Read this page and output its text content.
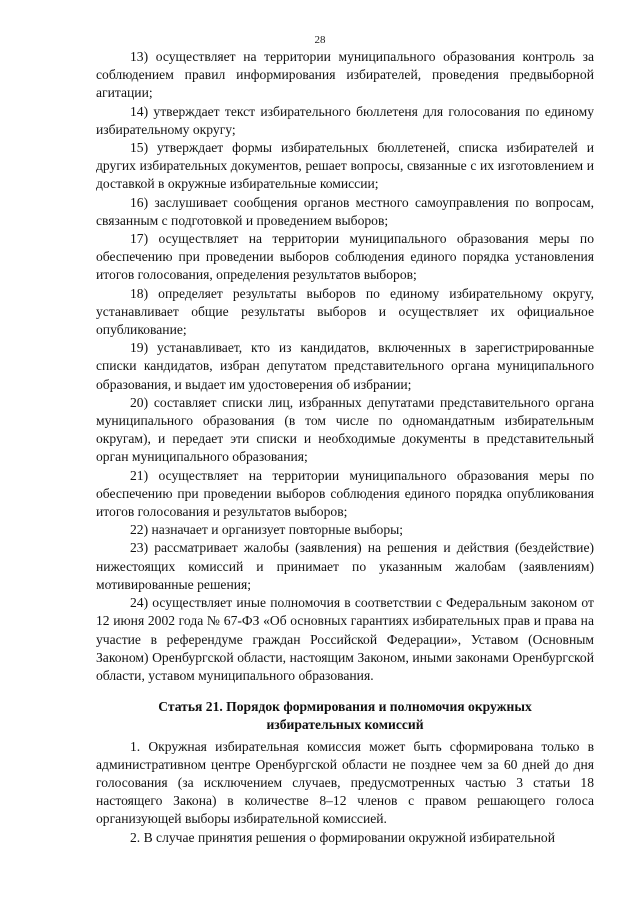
28

13) осуществляет на территории муниципального образования контроль за соблюдением правил информирования избирателей, проведения предвыборной агитации;

14) утверждает текст избирательного бюллетеня для голосования по единому избирательному округу;

15) утверждает формы избирательных бюллетеней, списка избирателей и других избирательных документов, решает вопросы, связанные с их изготовлением и доставкой в окружные избирательные комиссии;

16) заслушивает сообщения органов местного самоуправления по вопросам, связанным с подготовкой и проведением выборов;

17) осуществляет на территории муниципального образования меры по обеспечению при проведении выборов соблюдения единого порядка установления итогов голосования, определения результатов выборов;

18) определяет результаты выборов по единому избирательному округу, устанавливает общие результаты выборов и осуществляет их официальное опубликование;

19) устанавливает, кто из кандидатов, включенных в зарегистрированные списки кандидатов, избран депутатом представительного органа муниципального образования, и выдает им удостоверения об избрании;

20) составляет списки лиц, избранных депутатами представительного органа муниципального образования (в том числе по одномандатным избирательным округам), и передает эти списки и необходимые документы в представительный орган муниципального образования;

21) осуществляет на территории муниципального образования меры по обеспечению при проведении выборов соблюдения единого порядка опубликования итогов голосования и результатов выборов;

22) назначает и организует повторные выборы;

23) рассматривает жалобы (заявления) на решения и действия (бездействие) нижестоящих комиссий и принимает по указанным жалобам (заявлениям) мотивированные решения;

24) осуществляет иные полномочия в соответствии с Федеральным законом от 12 июня 2002 года № 67-ФЗ «Об основных гарантиях избирательных прав и права на участие в референдуме граждан Российской Федерации», Уставом (Основным Законом) Оренбургской области, настоящим Законом, иными законами Оренбургской области, уставом муниципального образования.

Статья 21. Порядок формирования и полномочия окружных
избирательных комиссий

1. Окружная избирательная комиссия может быть сформирована только в административном центре Оренбургской области не позднее чем за 60 дней до дня голосования (за исключением случаев, предусмотренных частью 3 статьи 18 настоящего Закона) в количестве 8–12 членов с правом решающего голоса организующей выборы избирательной комиссией.

2. В случае принятия решения о формировании окружной избирательной
